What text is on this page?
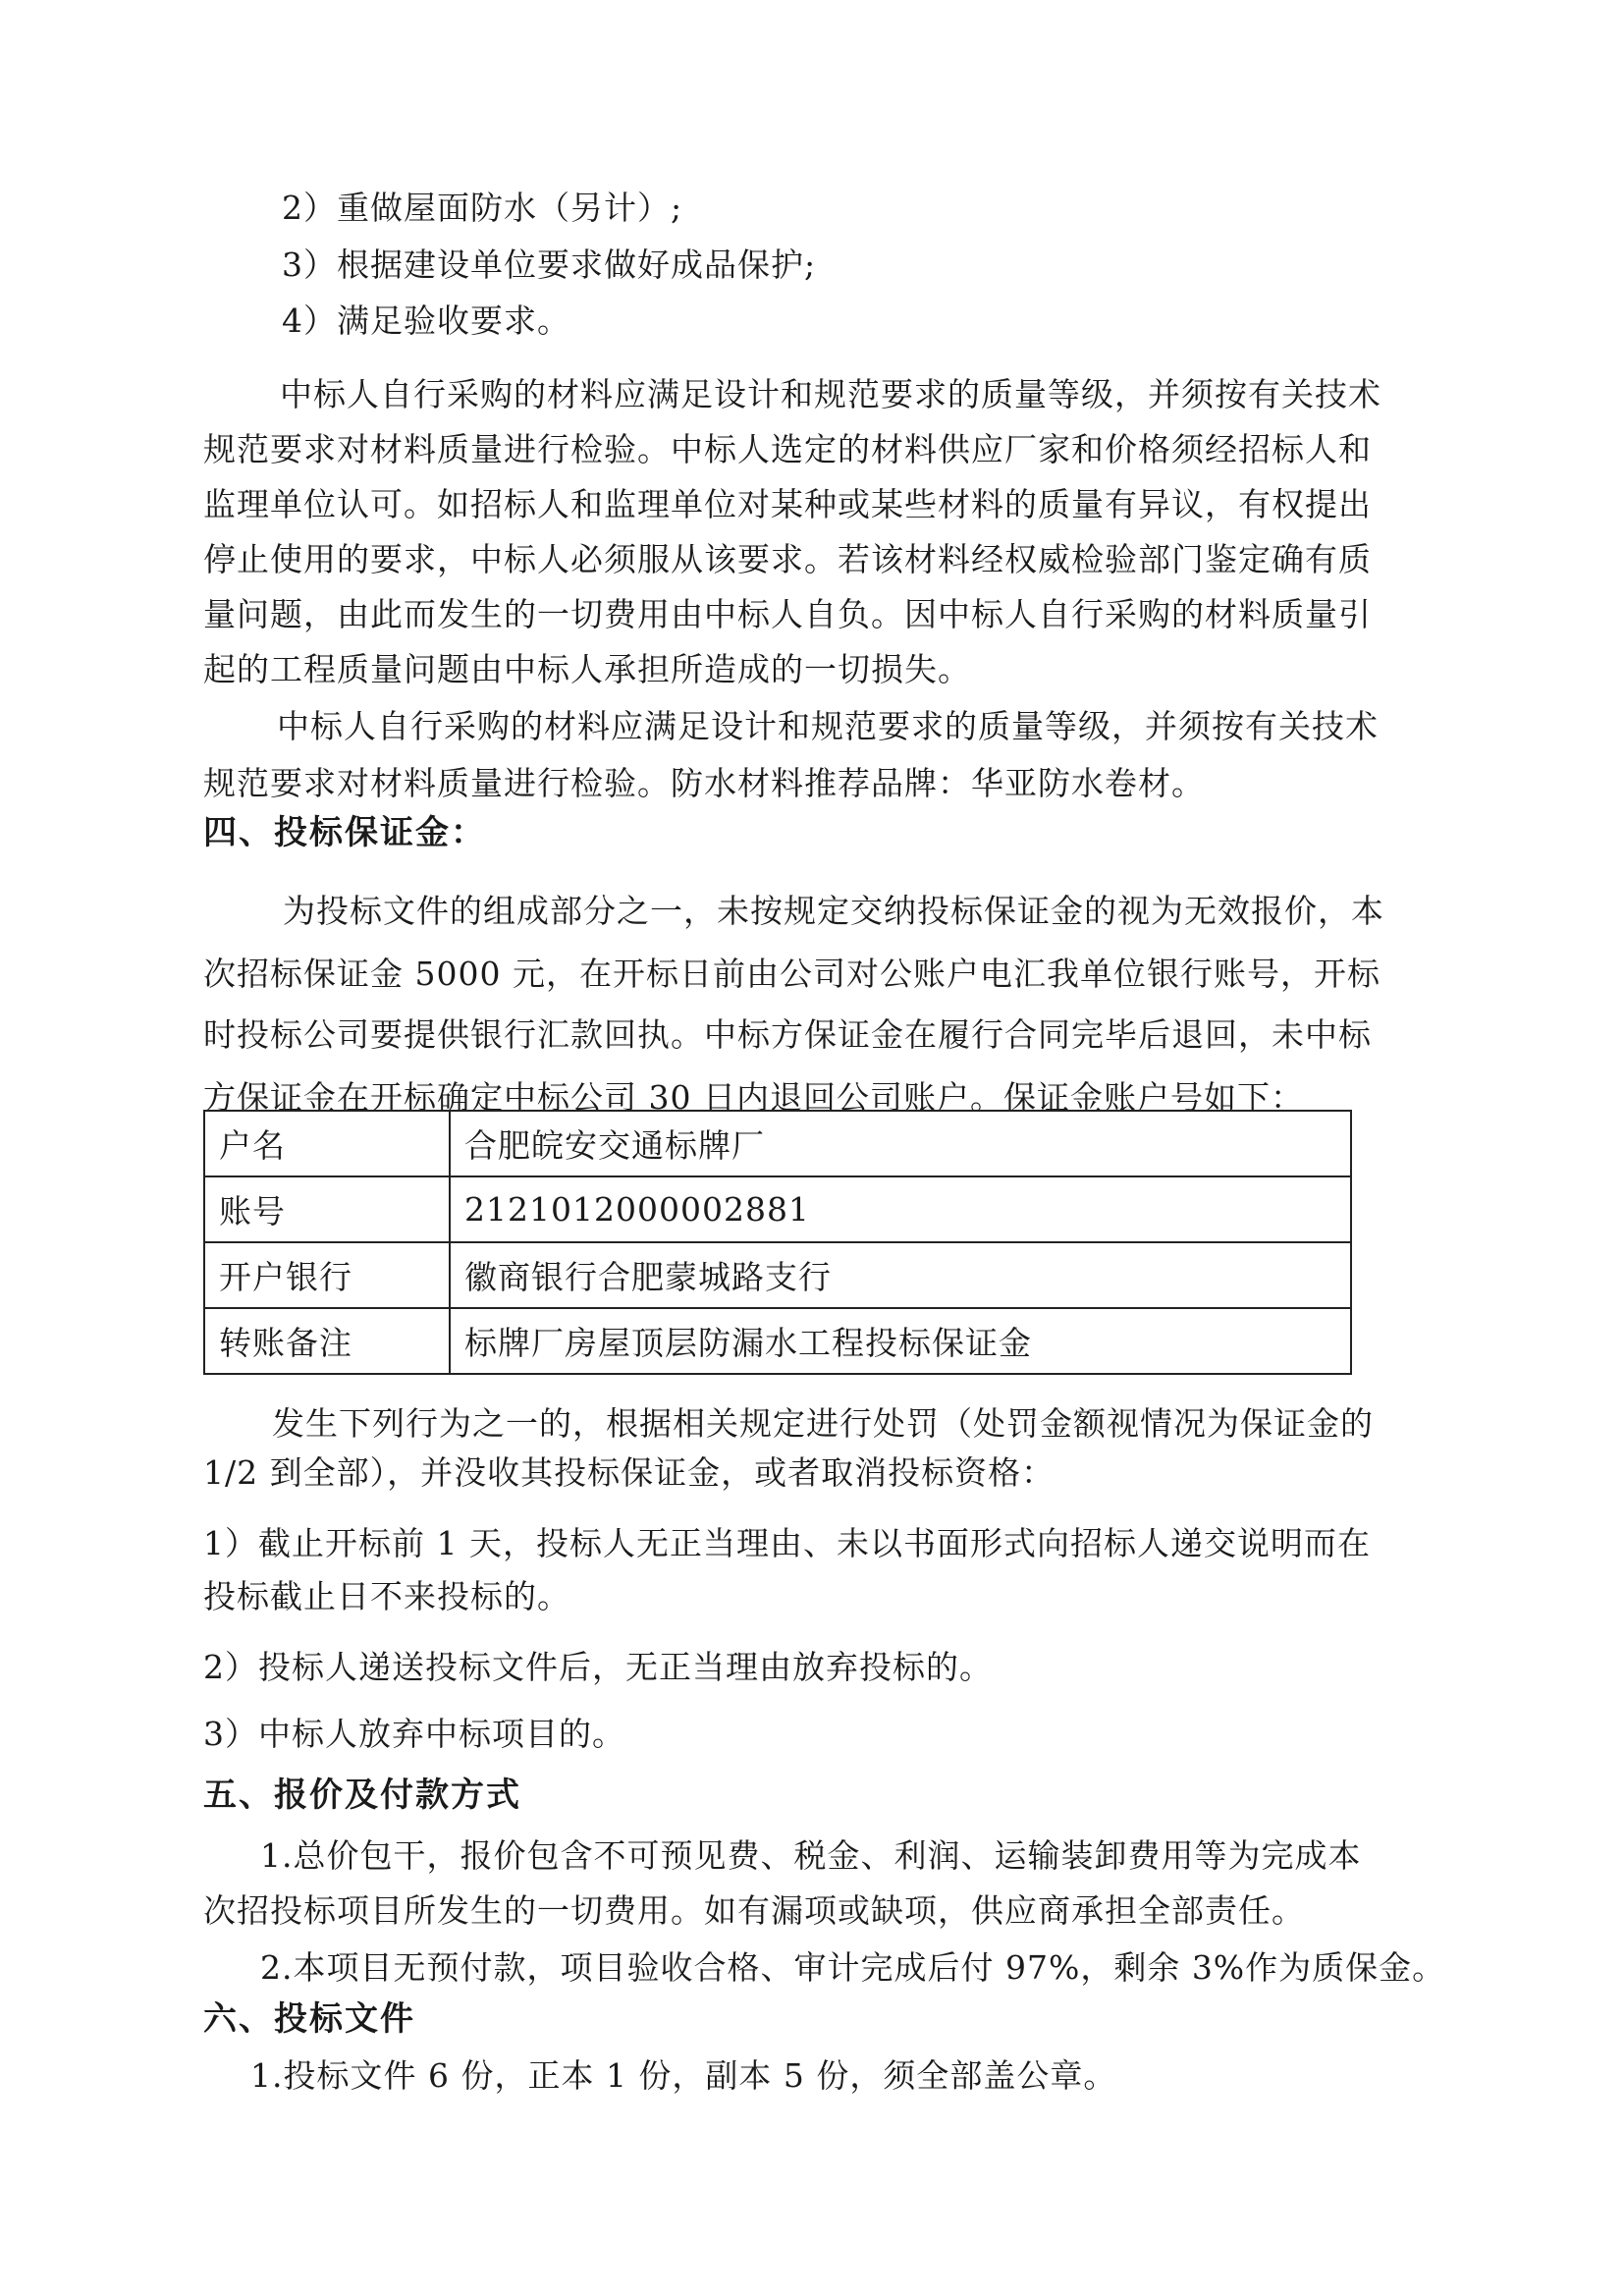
2）重做屋面防水（另计）;
3）根据建设单位要求做好成品保护;
4）满足验收要求。
中标人自行采购的材料应满足设计和规范要求的质量等级，并须按有关技术
规范要求对材料质量进行检验。中标人选定的材料供应厂家和价格须经招标人和
监理单位认可。如招标人和监理单位对某种或某些材料的质量有异议，有权提出
停止使用的要求，中标人必须服从该要求。若该材料经权威检验部门鉴定确有质
量问题，由此而发生的一切费用由中标人自负。因中标人自行采购的材料质量引
起的工程质量问题由中标人承担所造成的一切损失。
中标人自行采购的材料应满足设计和规范要求的质量等级，并须按有关技术
规范要求对材料质量进行检验。防水材料推荐品牌：华亚防水卷材。
四、投标保证金：
为投标文件的组成部分之一，未按规定交纳投标保证金的视为无效报价，本
次招标保证金 5000 元，在开标日前由公司对公账户电汇我单位银行账号，开标
时投标公司要提供银行汇款回执。中标方保证金在履行合同完毕后退回，未中标
方保证金在开标确定中标公司 30 日内退回公司账户。保证金账户号如下：
户名	合肥皖安交通标牌厂
账号	2121012000002881
开户银行	徽商银行合肥蒙城路支行
转账备注	标牌厂房屋顶层防漏水工程投标保证金
发生下列行为之一的，根据相关规定进行处罚（处罚金额视情况为保证金的
1/2 到全部），并没收其投标保证金，或者取消投标资格：
1）截止开标前 1 天，投标人无正当理由、未以书面形式向招标人递交说明而在
投标截止日不来投标的。
2）投标人递送投标文件后，无正当理由放弃投标的。
3）中标人放弃中标项目的。
五、报价及付款方式
1.总价包干，报价包含不可预见费、税金、利润、运输装卸费用等为完成本
次招投标项目所发生的一切费用。如有漏项或缺项，供应商承担全部责任。
2.本项目无预付款，项目验收合格、审计完成后付 97%，剩余 3%作为质保金。
六、投标文件
1.投标文件 6 份，正本 1 份，副本 5 份，须全部盖公章。
